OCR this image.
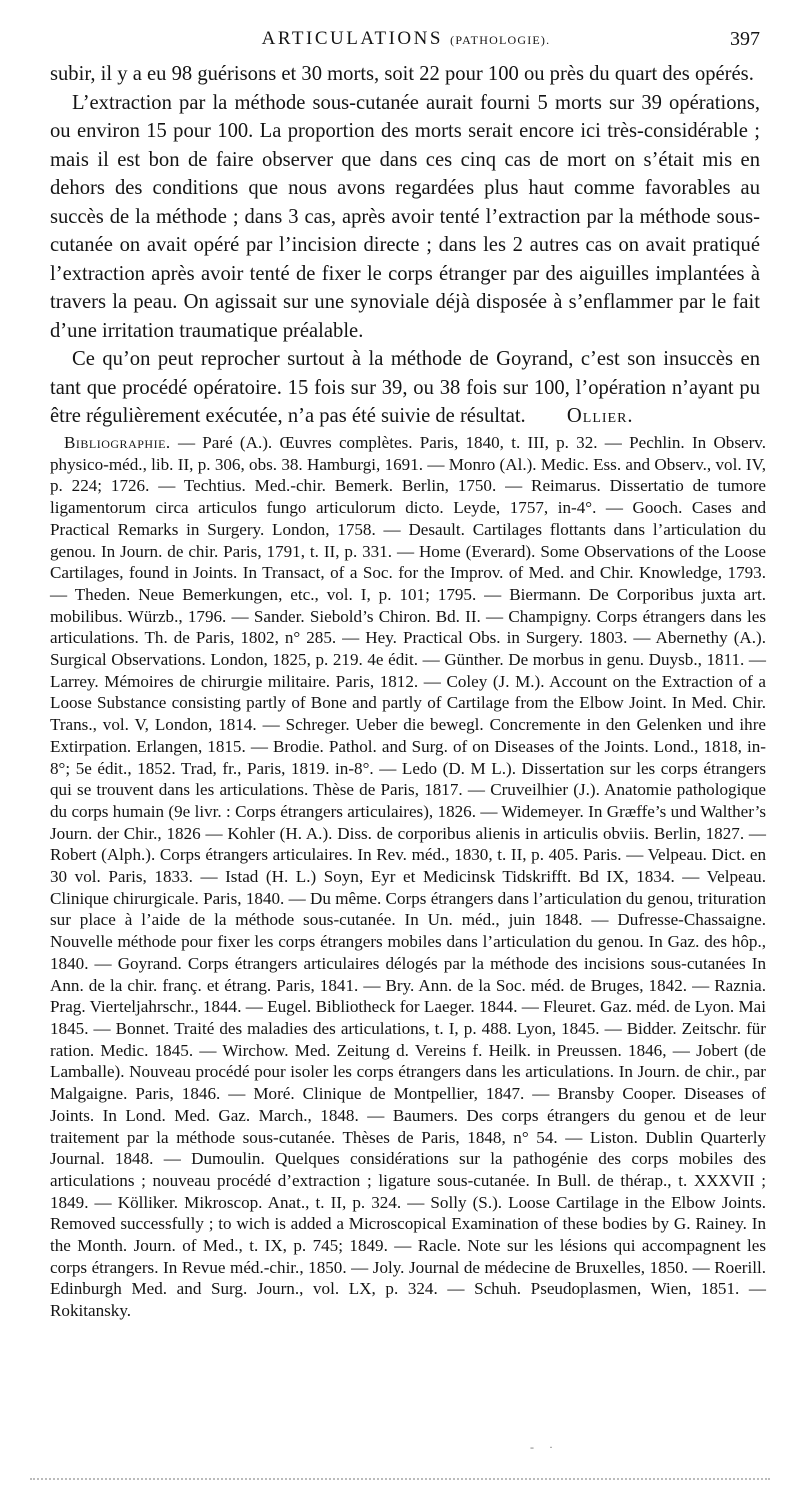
ARTICULATIONS (PATHOLOGIE).	397

subir, il y a eu 98 guérisons et 30 morts, soit 22 pour 100 ou près du quart des opérés.

L’extraction par la méthode sous-cutanée aurait fourni 5 morts sur 39 opérations, ou environ 15 pour 100. La proportion des morts serait encore ici très-considérable ; mais il est bon de faire observer que dans ces cinq cas de mort on s’était mis en dehors des conditions que nous avons regardées plus haut comme favorables au succès de la méthode ; dans 3 cas, après avoir tenté l’extraction par la méthode sous-cutanée on avait opéré par l’incision directe ; dans les 2 autres cas on avait pratiqué l’extraction après avoir tenté de fixer le corps étranger par des aiguilles implantées à travers la peau. On agissait sur une synoviale déjà disposée à s’enflammer par le fait d’une irritation traumatique préalable.

Ce qu’on peut reprocher surtout à la méthode de Goyrand, c’est son insuccès en tant que procédé opératoire. 15 fois sur 39, ou 38 fois sur 100, l’opération n’ayant pu être régulièrement exécutée, n’a pas été suivie de résultat. Ollier.

Bibliographie. — Paré (A.). Œuvres complètes. Paris, 1840, t. III, p. 32. — Pechlin. In Observ. physico-méd., lib. II, p. 306, obs. 38. Hamburgi, 1691. — Monro (Al.). Medic. Ess. and Observ., vol. IV, p. 224; 1726. — Techtius. Med.-chir. Bemerk. Berlin, 1750. — Reimarus. Dissertatio de tumore ligamentorum circa articulos fungo articulorum dicto. Leyde, 1757, in-4°. — Gooch. Cases and Practical Remarks in Surgery. London, 1758. — Desault. Cartilages flottants dans l’articulation du genou. In Journ. de chir. Paris, 1791, t. II, p. 331. — Home (Everard). Some Observations of the Loose Cartilages, found in Joints. In Transact, of a Soc. for the Improv. of Med. and Chir. Knowledge, 1793. — Theden. Neue Bemerkungen, etc., vol. I, p. 101; 1795. — Biermann. De Corporibus juxta art. mobilibus. Würzb., 1796. — Sander. Siebold’s Chiron. Bd. II. — Champigny. Corps étrangers dans les articulations. Th. de Paris, 1802, n° 285. — Hey. Practical Obs. in Surgery. 1803. — Abernethy (A.). Surgical Observations. London, 1825, p. 219. 4e édit. — Günther. De morbus in genu. Duysb., 1811. — Larrey. Mémoires de chirurgie militaire. Paris, 1812. — Coley (J. M.). Account on the Extraction of a Loose Substance consisting partly of Bone and partly of Cartilage from the Elbow Joint. In Med. Chir. Trans., vol. V, London, 1814. — Schreger. Ueber die bewegl. Concremente in den Gelenken und ihre Extirpation. Erlangen, 1815. — Brodie. Pathol. and Surg. of on Diseases of the Joints. Lond., 1818, in-8°; 5e édit., 1852. Trad, fr., Paris, 1819. in-8°. — Ledo (D. M L.). Dissertation sur les corps étrangers qui se trouvent dans les articulations. Thèse de Paris, 1817. — Cruveilhier (J.). Anatomie pathologique du corps humain (9e livr. : Corps étrangers articulaires), 1826. — Widemeyer. In Græffe’s und Walther’s Journ. der Chir., 1826 — Kohler (H. A.). Diss. de corporibus alienis in articulis obviis. Berlin, 1827. — Robert (Alph.). Corps étrangers articulaires. In Rev. méd., 1830, t. II, p. 405. Paris. — Velpeau. Dict. en 30 vol. Paris, 1833. — Istad (H. L.) Soyn, Eyr et Medicinsk Tidskrifft. Bd IX, 1834. — Velpeau. Clinique chirurgicale. Paris, 1840. — Du même. Corps étrangers dans l’articulation du genou, trituration sur place à l’aide de la méthode sous-cutanée. In Un. méd., juin 1848. — Dufresse-Chassaigne. Nouvelle méthode pour fixer les corps étrangers mobiles dans l’articulation du genou. In Gaz. des hôp., 1840. — Goyrand. Corps étrangers articulaires délogés par la méthode des incisions sous-cutanées In Ann. de la chir. franç. et étrang. Paris, 1841. — Bry. Ann. de la Soc. méd. de Bruges, 1842. — Raznia. Prag. Vierteljahrschr., 1844. — Eugel. Bibliotheck for Laeger. 1844. — Fleuret. Gaz. méd. de Lyon. Mai 1845. — Bonnet. Traité des maladies des articulations, t. I, p. 488. Lyon, 1845. — Bidder. Zeitschr. für ration. Medic. 1845. — Wirchow. Med. Zeitung d. Vereins f. Heilk. in Preussen. 1846, — Jobert (de Lamballe). Nouveau procédé pour isoler les corps étrangers dans les articulations. In Journ. de chir., par Malgaigne. Paris, 1846. — Moré. Clinique de Montpellier, 1847. — Bransby Cooper. Diseases of Joints. In Lond. Med. Gaz. March., 1848. — Baumers. Des corps étrangers du genou et de leur traitement par la méthode sous-cutanée. Thèses de Paris, 1848, n° 54. — Liston. Dublin Quarterly Journal. 1848. — Dumoulin. Quelques considérations sur la pathogénie des corps mobiles des articulations ; nouveau procédé d’extraction ; ligature sous-cutanée. In Bull. de thérap., t. XXXVII ; 1849. — Kölliker. Mikroscop. Anat., t. II, p. 324. — Solly (S.). Loose Cartilage in the Elbow Joints. Removed successfully ; to wich is added a Microscopical Examination of these bodies by G. Rainey. In the Month. Journ. of Med., t. IX, p. 745; 1849. — Racle. Note sur les lésions qui accompagnent les corps étrangers. In Revue méd.-chir., 1850. — Joly. Journal de médecine de Bruxelles, 1850. — Roerill. Edinburgh Med. and Surg. Journ., vol. LX, p. 324. — Schuh. Pseudoplasmen, Wien, 1851. — Rokitansky.

- ·
